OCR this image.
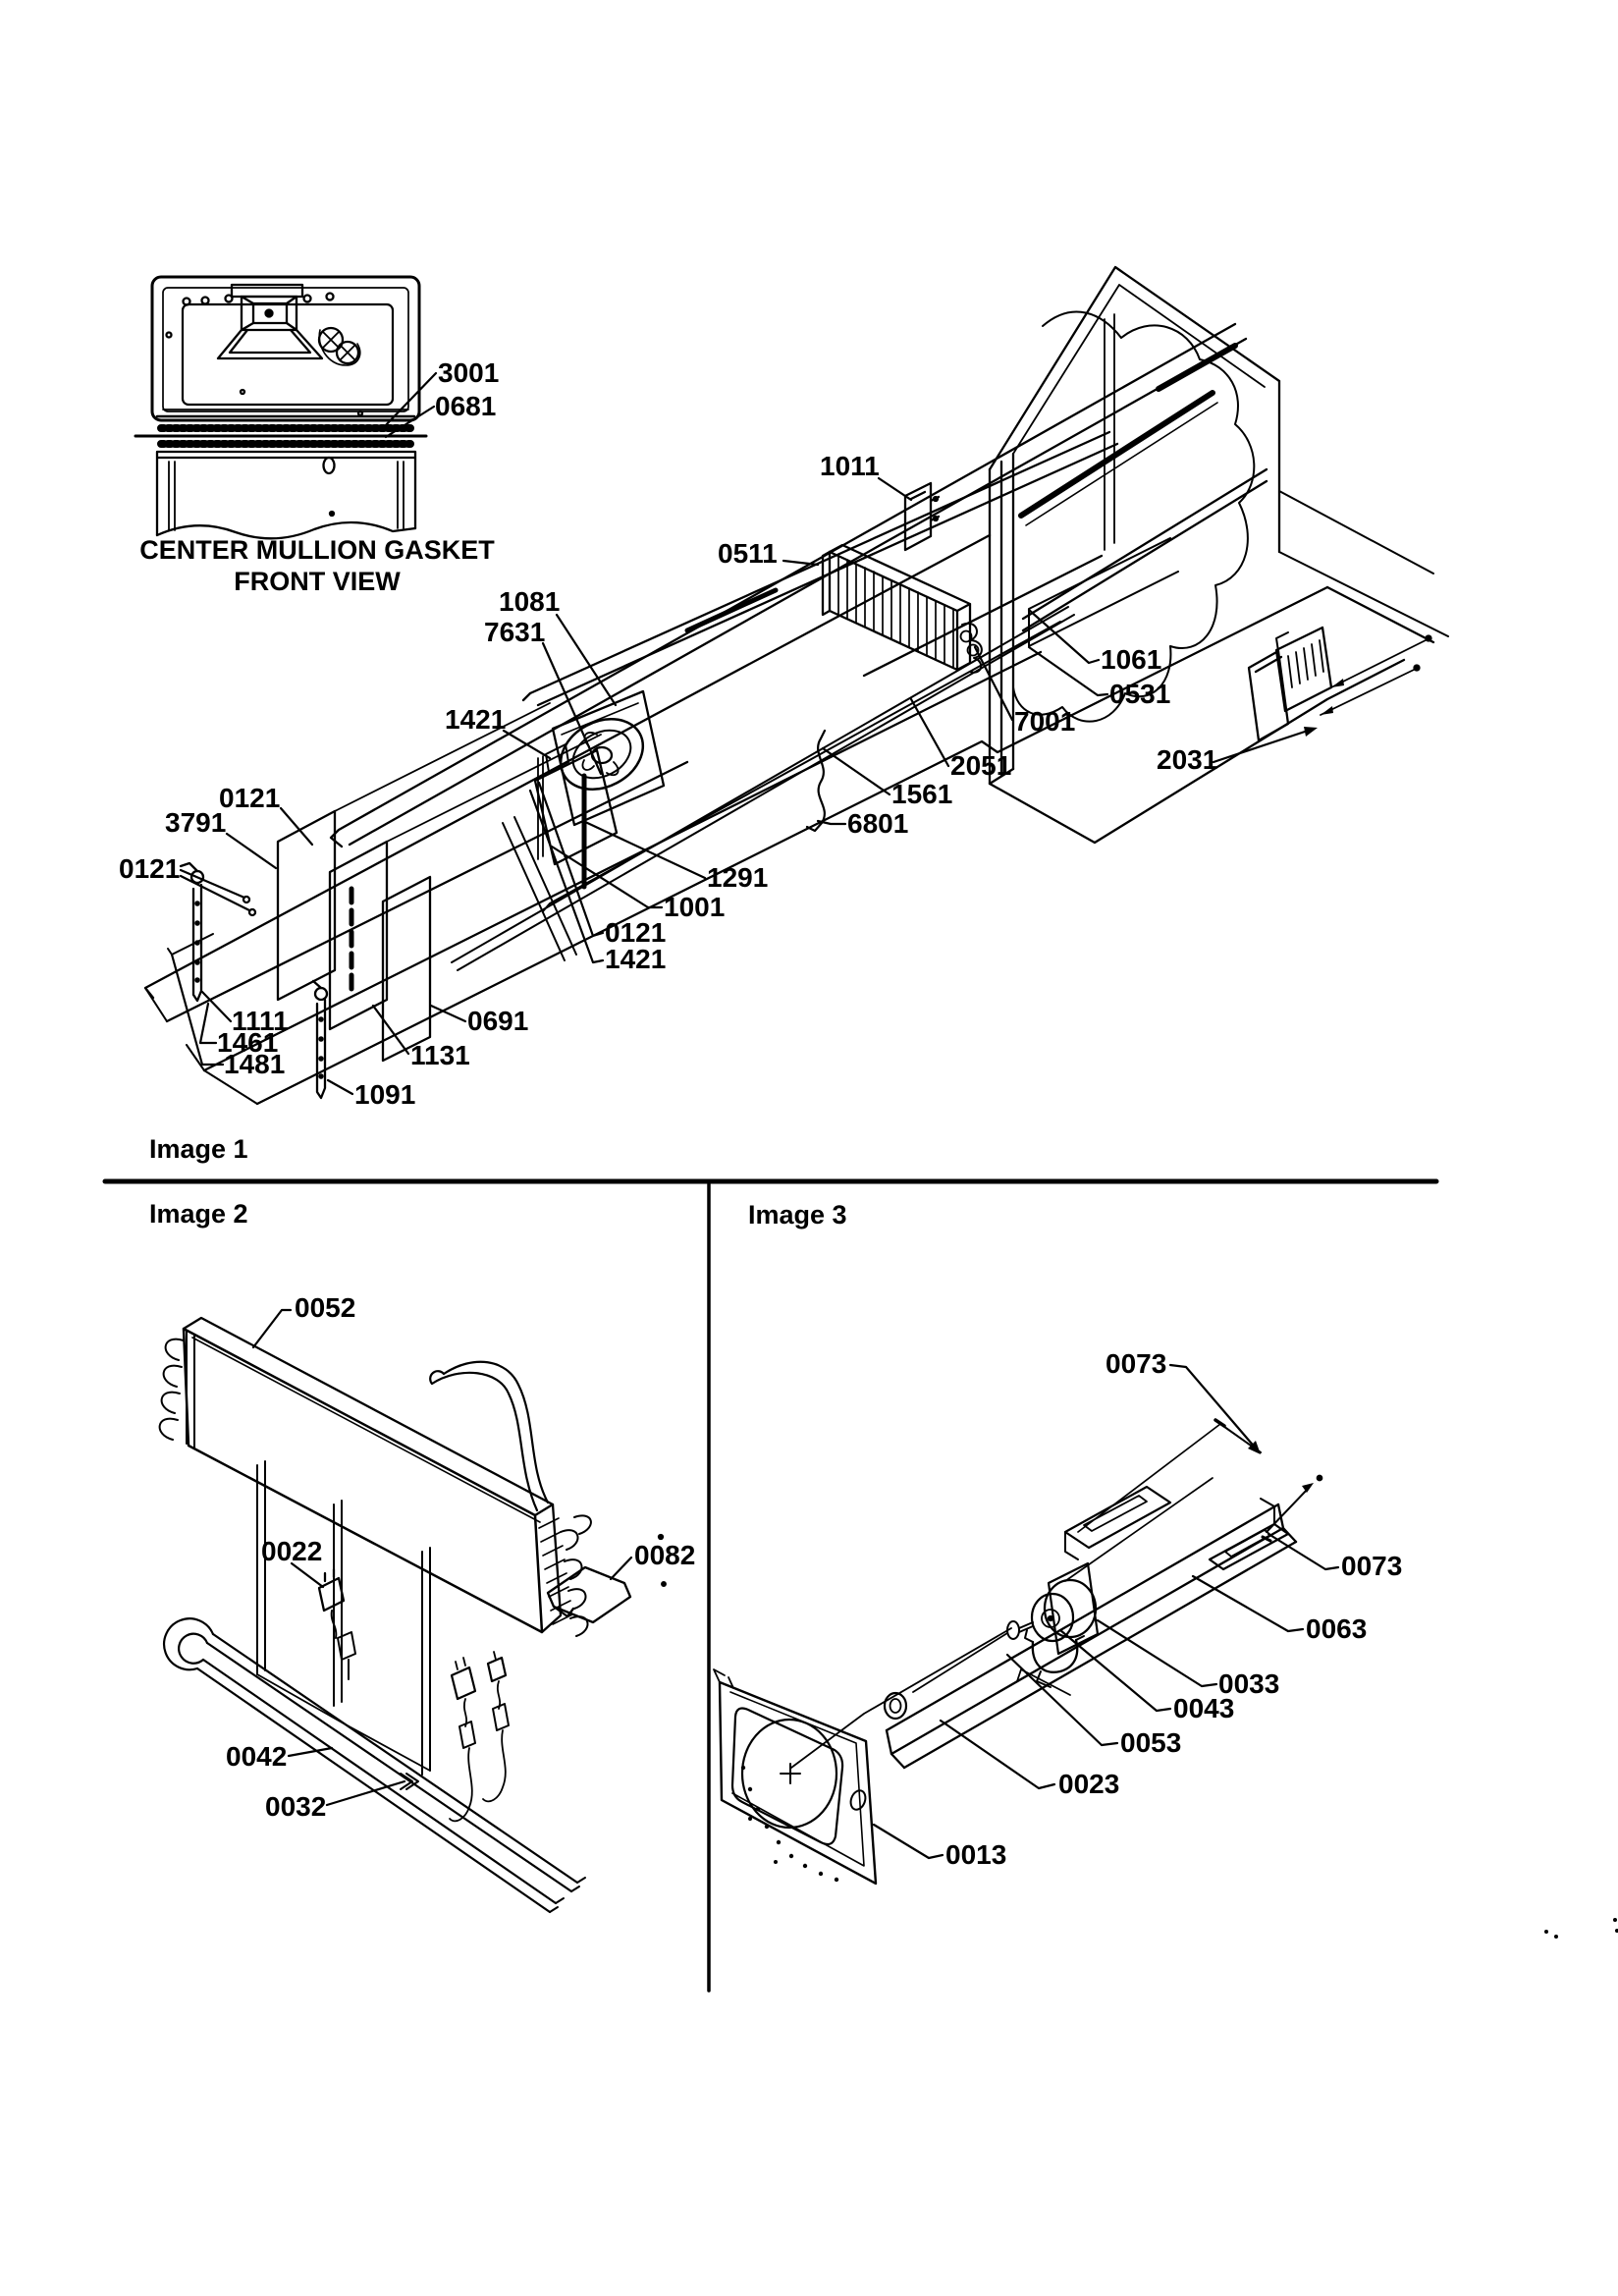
CENTER MULLION GASKET
FRONT VIEW
Image 1
Image 2	Image 3
3001
0681
1011
0511
1081
7631
1421
0121
3791
0121
1111
1461
1481
1091
1131
0691
1291
1001
0121
1421
1561
6801
2051
7001
0531
1061
2031
0052
0022	0082
0042
0032
0073
0073
0063
0033
0043
0053
0023
0013
